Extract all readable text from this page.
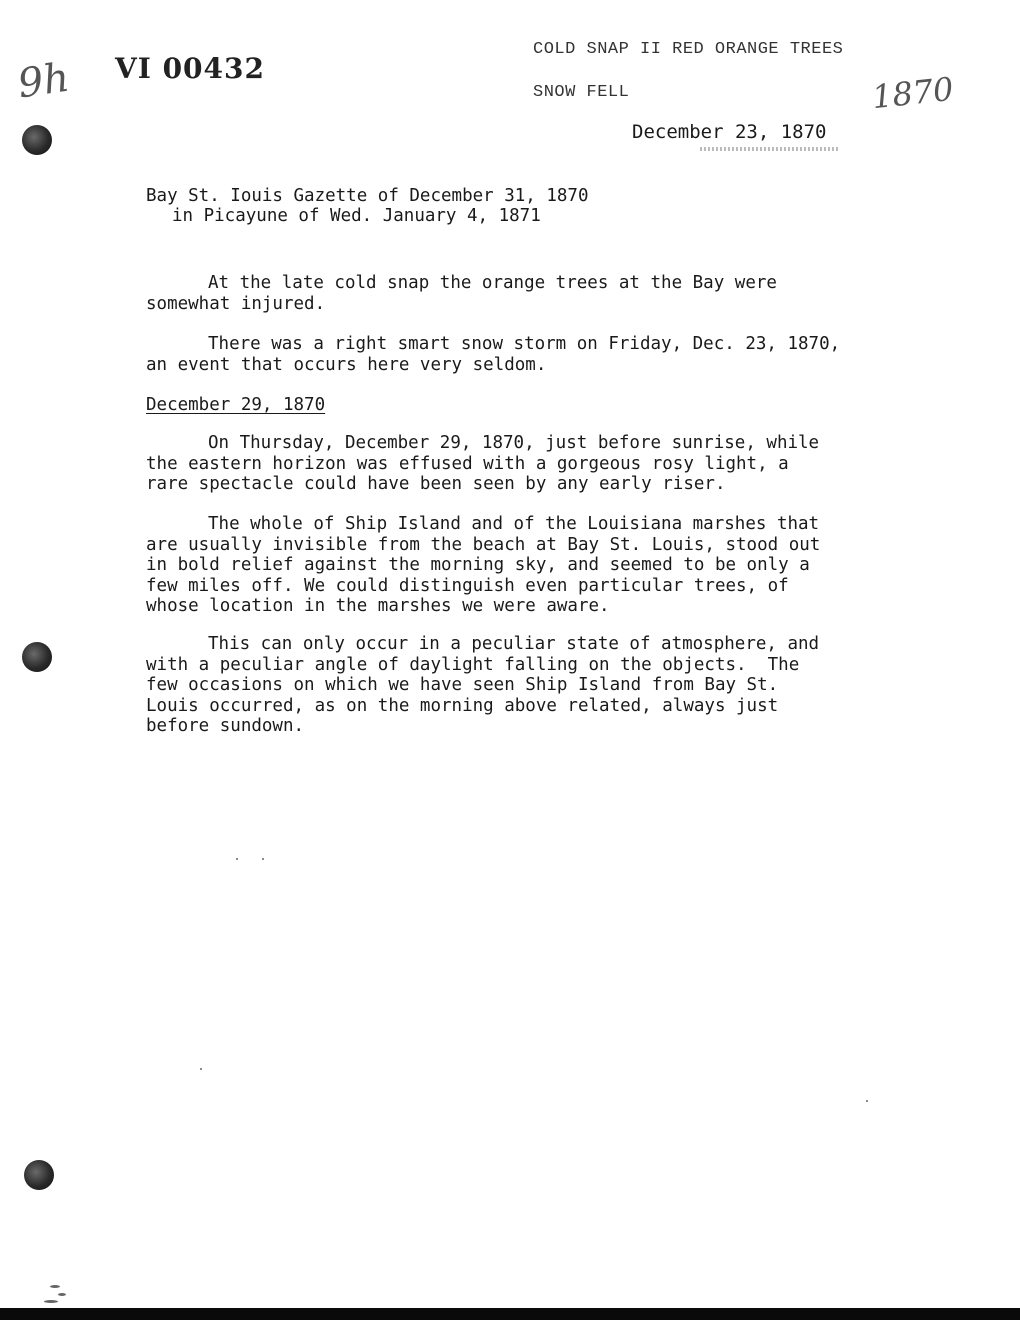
9h VI 00432
COLD SNAP II RED ORANGE TREES
SNOW FELL	1870
December 23, 1870
Bay St. Iouis Gazette of December 31, 1870
in Picayune of Wed. January 4, 1871
At the late cold snap the orange trees at the Bay were
somewhat injured.
There was a right smart snow storm on Friday, Dec. 23, 1870,
an event that occurs here very seldom.
December 29, 1870
On Thursday, December 29, 1870, just before sunrise, while
the eastern horizon was effused with a gorgeous rosy light, a
rare spectacle could have been seen by any early riser.
The whole of Ship Island and of the Louisiana marshes that
are usually invisible from the beach at Bay St. Louis, stood out
in bold relief against the morning sky, and seemed to be only a
few miles off. We could distinguish even particular trees, of
whose location in the marshes we were aware.
This can only occur in a peculiar state of atmosphere, and
with a peculiar angle of daylight falling on the objects.  The
few occasions on which we have seen Ship Island from Bay St.
Louis occurred, as on the morning above related, always just
before sundown.
